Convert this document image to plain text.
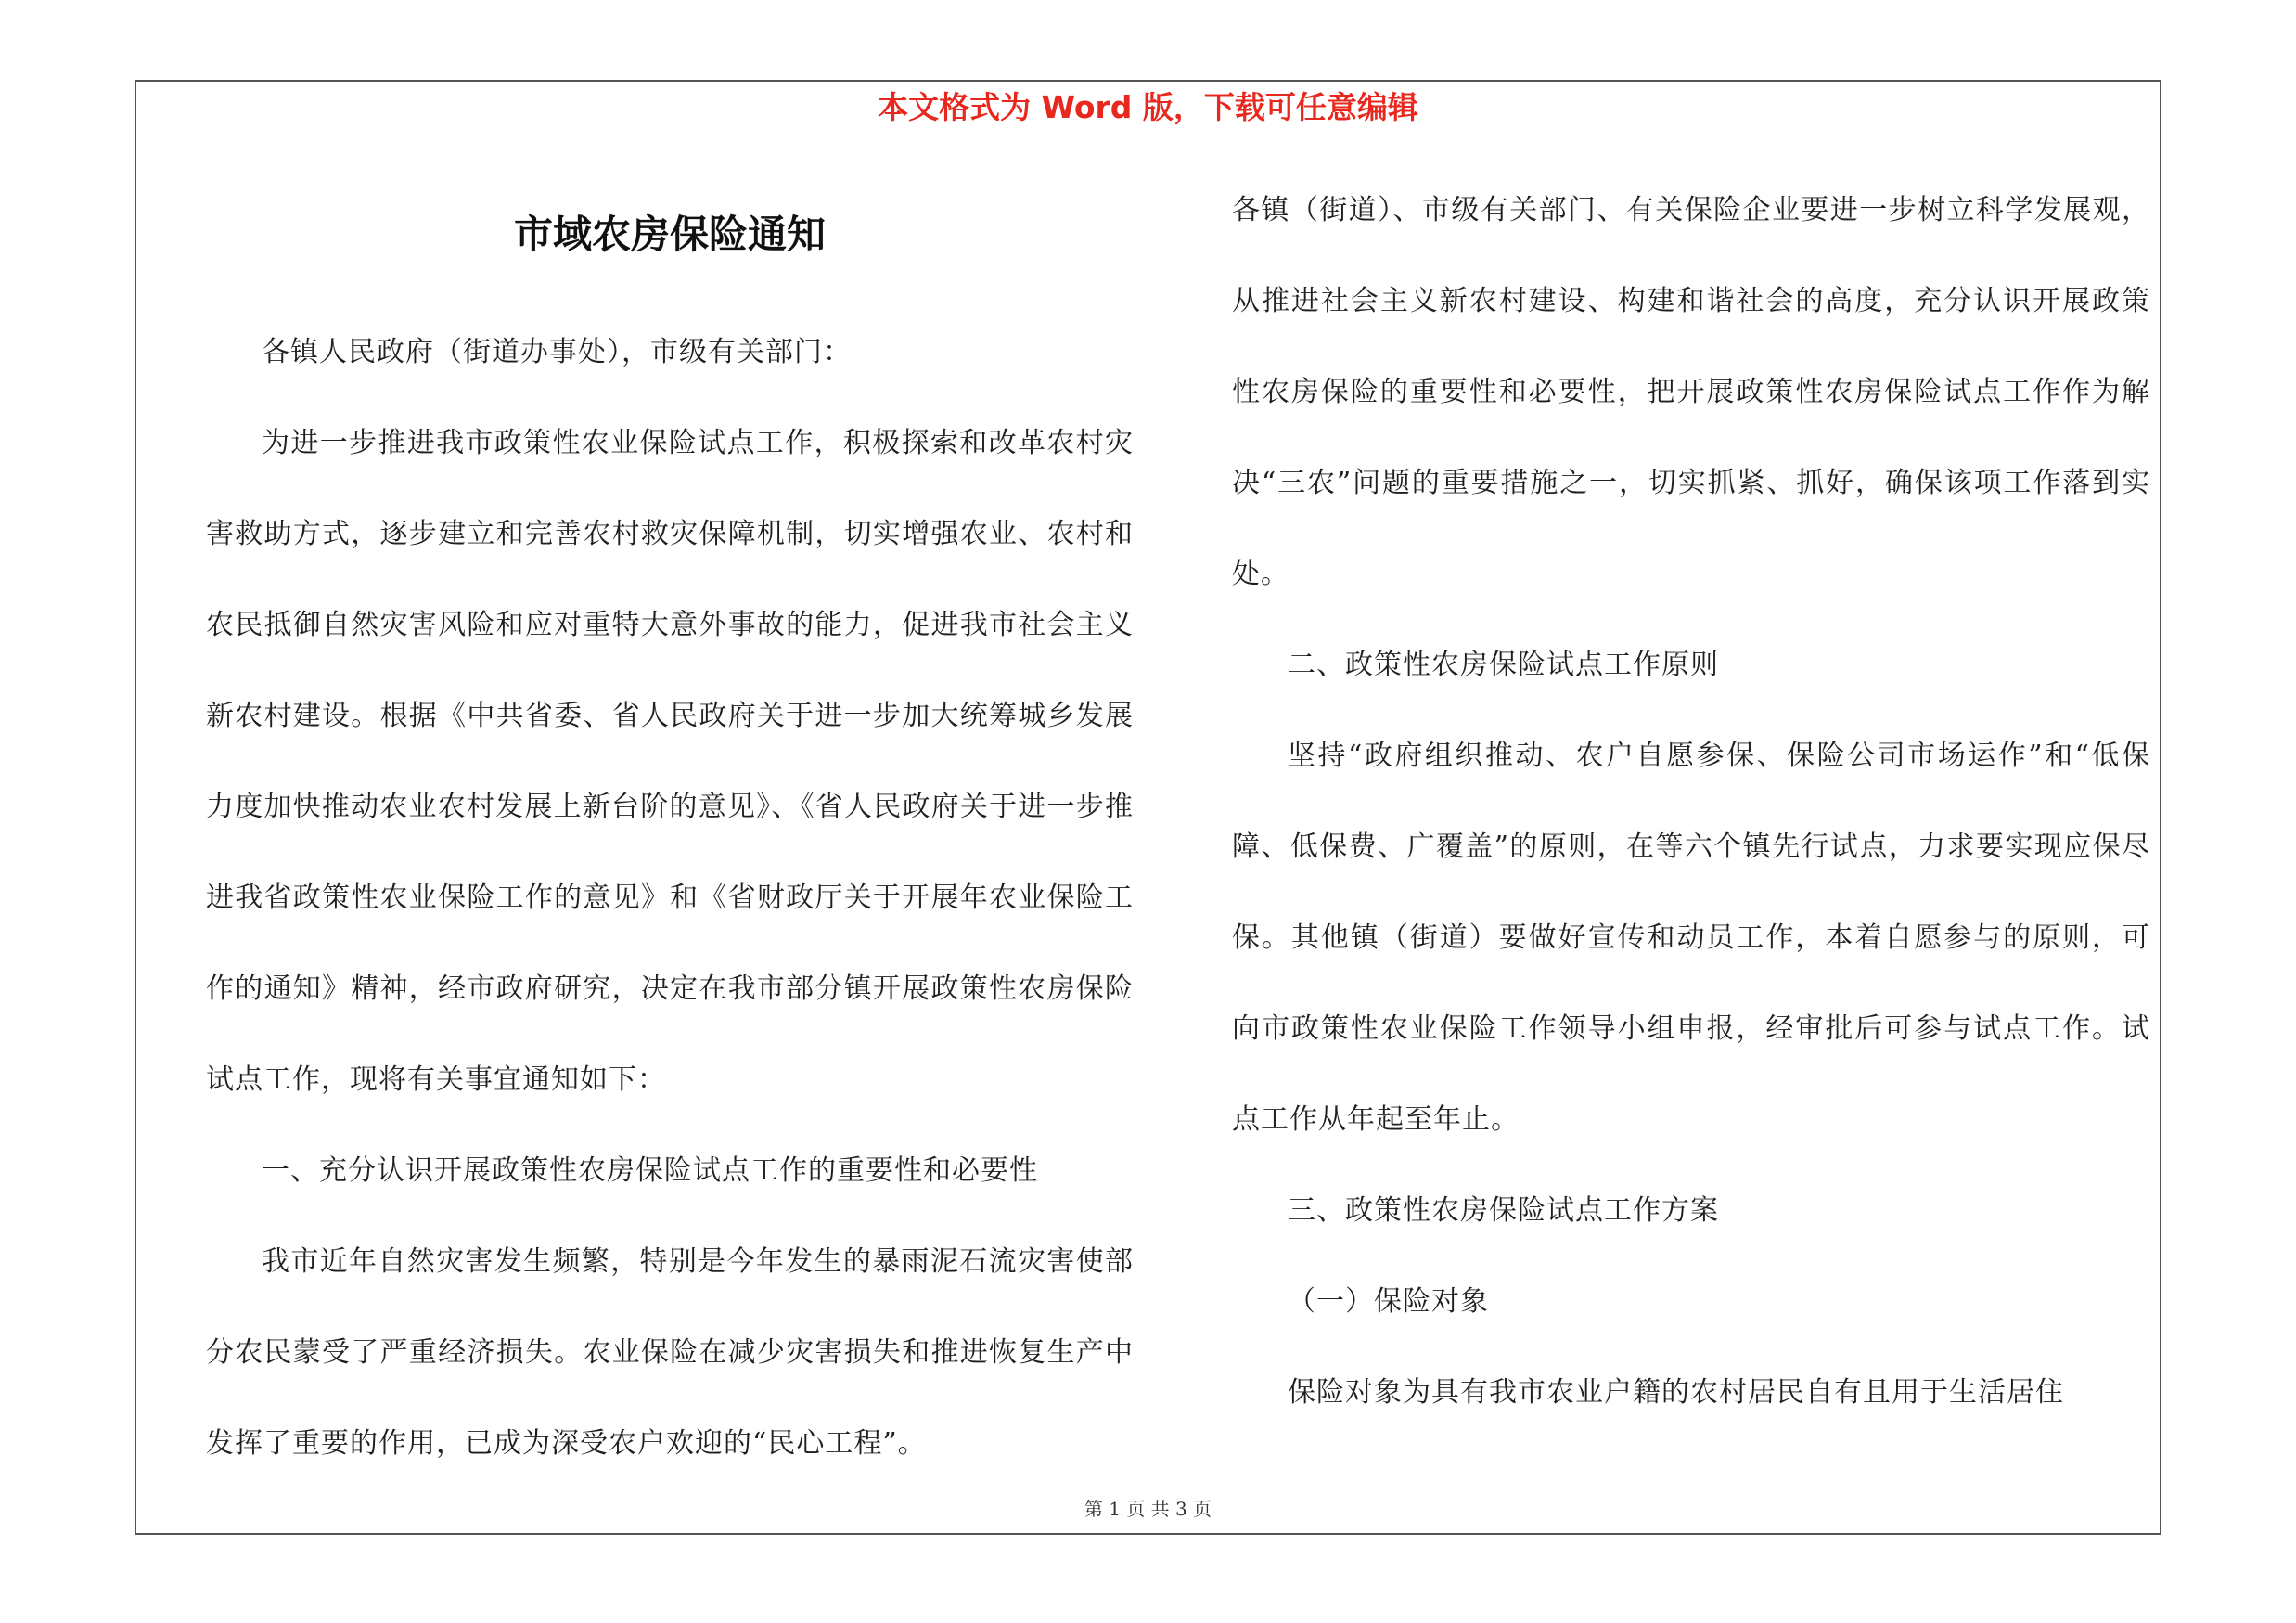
本文格式为 Word 版，下载可任意编辑
市域农房保险通知

各镇人民政府（街道办事处），市级有关部门：

为进一步推进我市政策性农业保险试点工作，积极探索和改革农村灾害救助方式，逐步建立和完善农村救灾保障机制，切实增强农业、农村和农民抵御自然灾害风险和应对重特大意外事故的能力，促进我市社会主义新农村建设。根据《中共省委、省人民政府关于进一步加大统筹城乡发展力度加快推动农业农村发展上新台阶的意见》、《省人民政府关于进一步推进我省政策性农业保险工作的意见》和《省财政厅关于开展年农业保险工作的通知》精神，经市政府研究，决定在我市部分镇开展政策性农房保险试点工作，现将有关事宜通知如下：

一、充分认识开展政策性农房保险试点工作的重要性和必要性

我市近年自然灾害发生频繁，特别是今年发生的暴雨泥石流灾害使部分农民蒙受了严重经济损失。农业保险在减少灾害损失和推进恢复生产中发挥了重要的作用，已成为深受农户欢迎的“民心工程”。

各镇（街道）、市级有关部门、有关保险企业要进一步树立科学发展观，从推进社会主义新农村建设、构建和谐社会的高度，充分认识开展政策性农房保险的重要性和必要性，把开展政策性农房保险试点工作作为解决“三农”问题的重要措施之一，切实抓紧、抓好，确保该项工作落到实处。

二、政策性农房保险试点工作原则

坚持“政府组织推动、农户自愿参保、保险公司市场运作”和“低保障、低保费、广覆盖”的原则，在等六个镇先行试点，力求要实现应保尽保。其他镇（街道）要做好宣传和动员工作，本着自愿参与的原则，可向市政策性农业保险工作领导小组申报，经审批后可参与试点工作。试点工作从年起至年止。

三、政策性农房保险试点工作方案

（一）保险对象

保险对象为具有我市农业户籍的农村居民自有且用于生活居住

第 1 页 共 3 页
